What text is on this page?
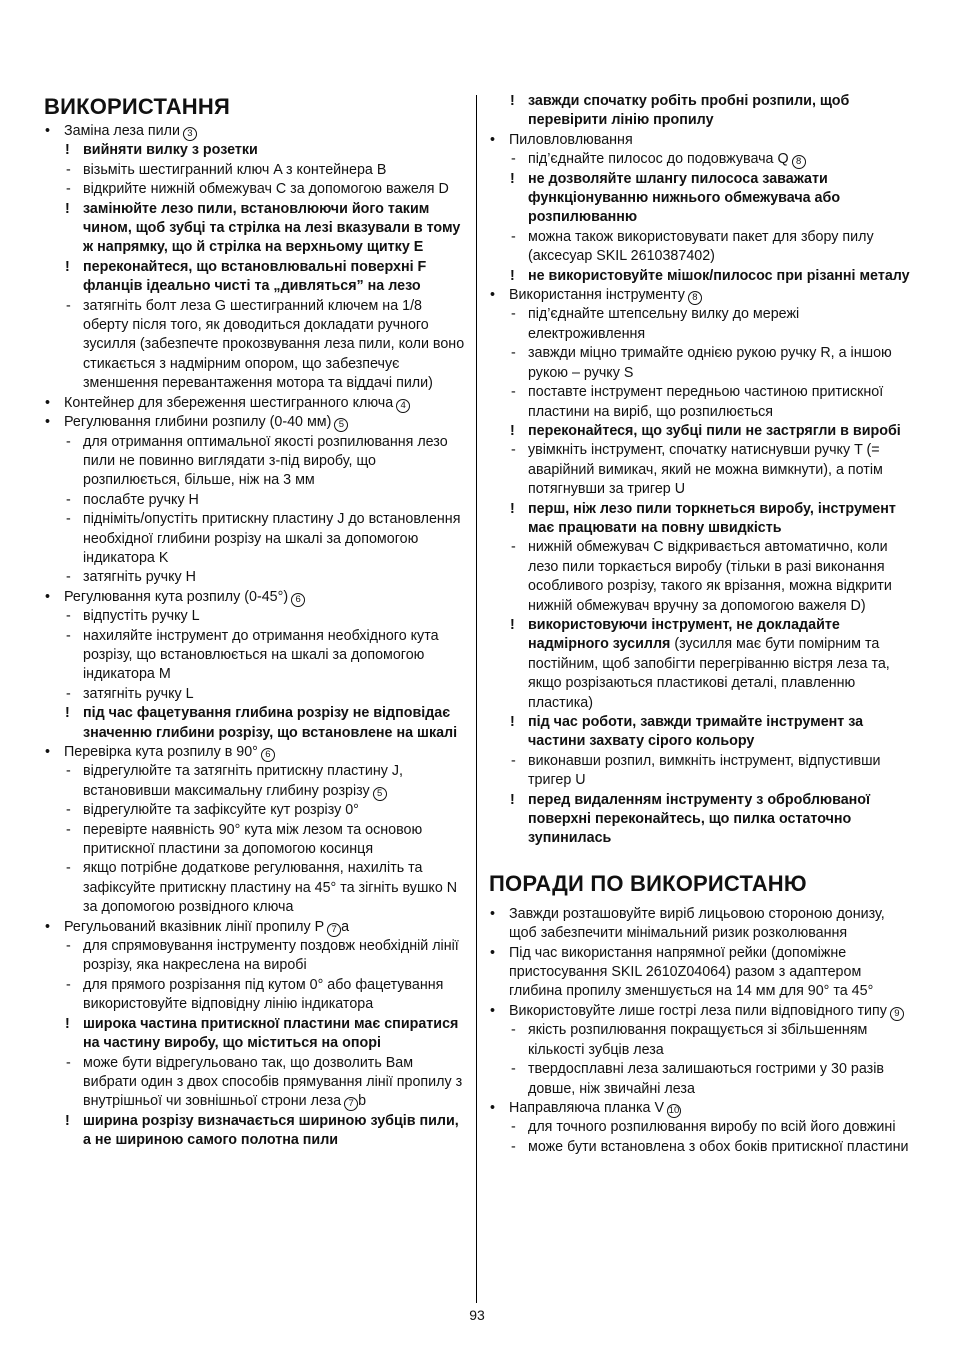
ВИКОРИСТАННЯ
• Заміна леза пили 3
! вийняти вилку з розетки
- візьміть шестигранний ключ A з контейнера B
- відкрийте нижній обмежувач C за допомогою важеля D
! замінюйте лезо пили, встановлюючи його таким чином, щоб зубці та стрілка на лезі вказували в тому ж напрямку, що й стрілка на верхньому щитку E
! переконайтеся, що встановлювальні поверхні F фланців ідеально чисті та „дивляться” на лезо
- затягніть болт леза G шестигранний ключем на 1/8 оберту після того, як доводиться докладати ручного зусилля (забезпечте прокозвування леза пили, коли воно стикається з надмірним опором, що забезпечує зменшення перевантаження мотора та віддачі пили)
• Контейнер для збереження шестигранного ключа 4
• Регулювання глибини розпилу (0-40 мм) 5
- для отримання оптимальної якості розпилювання лезо пили не повинно виглядати з-під виробу, що розпилюється, більше, ніж на 3 мм
- послабте ручку H
- підніміть/опустіть притискну пластину J до встановлення необхідної глибини розрізу на шкалі за допомогою індикатора K
- затягніть ручку H
• Регулювання кута розпилу (0-45°) 6
- відпустіть ручку L
- нахиляйте інструмент до отримання необхідного кута розрізу, що встановлюється на шкалі за допомогою індикатора M
- затягніть ручку L
! під час фацетування глибина розрізу не відповідає значенню глибини розрізу, що встановлене на шкалі
• Перевірка кута розпилу в 90° 6
- відрегулюйте та затягніть притискну пластину J, встановивши максимальну глибину розрізу 5
- відрегулюйте та зафіксуйте кут розрізу 0°
- перевірте наявність 90° кута між лезом та основою притискної пластини за допомогою косинця
- якщо потрібне додаткове регулювання, нахиліть та зафіксуйте притискну пластину на 45° та зігніть вушко N за допомогою розвідного ключа
• Регульований вказівник лінії пропилу P 7 a
- для спрямовування інструменту поздовж необхідній лінії розрізу, яка накреслена на виробі
- для прямого розрізання під кутом 0° або фацетування використовуйте відповідну лінію індикатора
! широка частина притискної пластини має спиратися на частину виробу, що міститься на опорі
- може бути відрегульовано так, що дозволить Вам вибрати один з двох способів прямування лінії пропилу з внутрішньої чи зовнішньої строни леза 7 b
! ширина розрізу визначається шириною зубців пили, а не шириною самого полотна пили
! завжди спочатку робіть пробні розпили, щоб перевірити лінію пропилу
• Пиловловлювання
- під’єднайте пилосос до подовжувача Q 8
! не дозволяйте шлангу пилососа заважати функціонуванню нижнього обмежувача або розпилюванню
- можна також використовувати пакет для збору пилу (аксесуар SKIL 2610387402)
! не використовуйте мішок/пилосос при різанні металу
• Використання інструменту 8
- під’єднайте штепсельну вилку до мережі електроживлення
- завжди міцно тримайте однією рукою ручку R, а іншою рукою – ручку S
- поставте інструмент передньою частиною притискної пластини на виріб, що розпилюється
! переконайтеся, що зубці пили не застрягли в виробі
- увімкніть інструмент, спочатку натиснувши ручку T (= аварійний вимикач, який не можна вимкнути), а потім потягнувши за тригер U
! перш, ніж лезо пили торкнеться виробу, інструмент має працювати на повну швидкість
- нижній обмежувач C відкривається автоматично, коли лезо пили торкається виробу (тільки в разі виконання особливого розрізу, такого як врізання, можна відкрити нижній обмежувач вручну за допомогою важеля D)
! використовуючи інструмент, не докладайте надмірного зусилля (зусилля має бути помірним та постійним, щоб запобігти перегріванню вістря леза та, якщо розрізаються пластикові деталі, плавленню пластика)
! під час роботи, завжди тримайте інструмент за частини захвату сірого кольору
- виконавши розпил, вимкніть інструмент, відпустивши тригер U
! перед видаленням інструменту з оброблюваної поверхні переконайтесь, що пилка остаточно зупинилась
ПОРАДИ ПО ВИКОРИСТАНЮ
• Завжди розташовуйте виріб лицьовою стороною донизу, щоб забезпечити мінімальний ризик розколювання
• Під час використання напрямної рейки (допоміжне пристосування SKIL 2610Z04064) разом з адаптером глибина пропилу зменшується на 14 мм для 90° та 45°
• Використовуйте лише гострі леза пили відповідного типу 9
- якість розпилювання покращується зі збільшенням кількості зубців леза
- твердосплавні леза залишаються гострими у 30 разів довше, ніж звичайні леза
• Направляюча планка V 10
- для точного розпилювання виробу по всій його довжині
- може бути встановлена з обох боків притискної пластини
93
